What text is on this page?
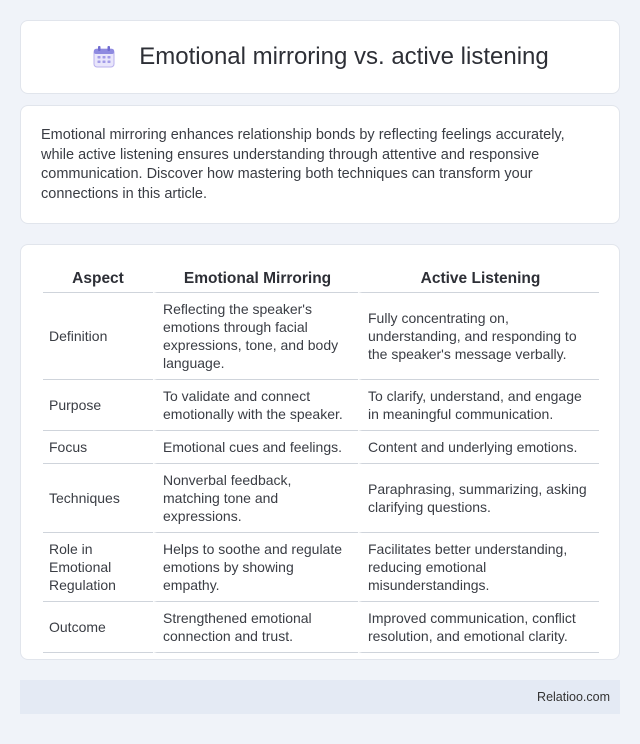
Emotional mirroring vs. active listening

Emotional mirroring enhances relationship bonds by reflecting feelings accurately, while active listening ensures understanding through attentive and responsive communication. Discover how mastering both techniques can transform your connections in this article.

Aspect	Emotional Mirroring	Active Listening
Definition	Reflecting the speaker's emotions through facial expressions, tone, and body language.	Fully concentrating on, understanding, and responding to the speaker's message verbally.
Purpose	To validate and connect emotionally with the speaker.	To clarify, understand, and engage in meaningful communication.
Focus	Emotional cues and feelings.	Content and underlying emotions.
Techniques	Nonverbal feedback, matching tone and expressions.	Paraphrasing, summarizing, asking clarifying questions.
Role in Emotional Regulation	Helps to soothe and regulate emotions by showing empathy.	Facilitates better understanding, reducing emotional misunderstandings.
Outcome	Strengthened emotional connection and trust.	Improved communication, conflict resolution, and emotional clarity.
Relatioo.com
